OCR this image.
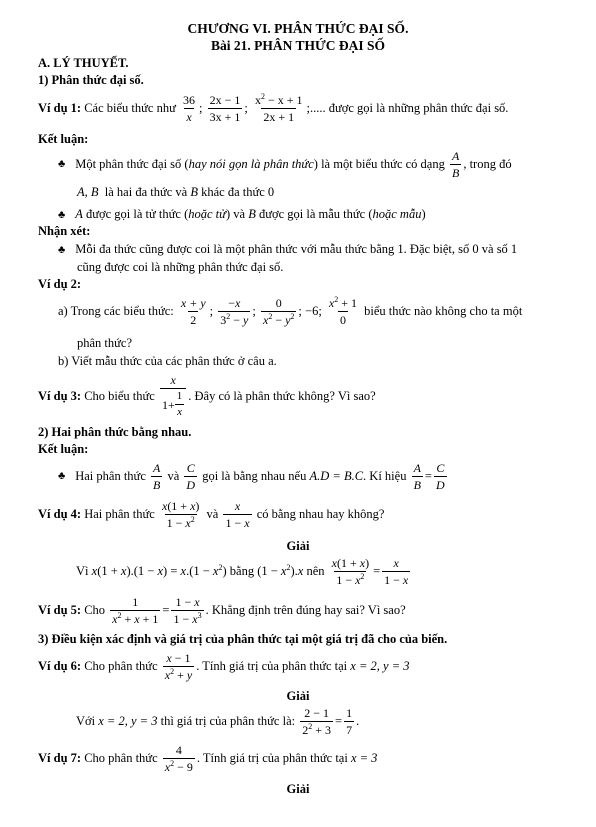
CHƯƠNG VI. PHÂN THỨC ĐẠI SỐ.
Bài 21. PHÂN THỨC ĐẠI SỐ
A. LÝ THUYẾT.
1) Phân thức đại số.
Ví dụ 1: Các biểu thức như $\frac{36}{x}$ ; $\frac{2x - 1}{3x + 1}$ ; $\frac{x^2 - x + 1}{2x + 1}$ ;..... được gọi là những phân thức đại số.
Kết luận:
♣ Một phân thức đại số (hay nói gọn là phân thức) là một biểu thức có dạng $\frac{A}{B}$ , trong đó
A, B là hai đa thức và B khác đa thức 0
♣ A được gọi là tử thức (hoặc tử) và B được gọi là mẫu thức (hoặc mẫu)
Nhận xét:
♣ Mỗi đa thức cũng được coi là một phân thức với mẫu thức bằng 1. Đặc biệt, số 0 và số 1
cũng được coi là những phân thức đại số.
Ví dụ 2:
a) Trong các biểu thức: $\frac{x + y}{2}$ ; $\frac{-x}{3^2 - y}$ ; $\frac{0}{x^2 - y^2}$ ; −6; $\frac{x^2 + 1}{0}$ biểu thức nào không cho ta một
phân thức?
b) Viết mẫu thức của các phân thức ở câu a.
Ví dụ 3: Cho biểu thức x
1+
1
x . Đây có là phân thức không? Vì sao?
2) Hai phân thức bằng nhau.
Kết luận:
♣ Hai phân thức $\frac{A}{B}$ và $\frac{C}{D}$ gọi là bằng nhau nếu A.D = B.C. Kí hiệu $\frac{A}{B} = \frac{C}{D}$
Ví dụ 4: Hai phân thức $\frac{x(1 + x)}{1 - x^2}$ và $\frac{x}{1 - x}$ có bằng nhau hay không?
Giải
Vì $x(1 + x).(1 - x) = x.(1 - x^2)$ bằng $(1 - x^2).x$ nên $\frac{x(1 + x)}{1 - x^2} = \frac{x}{1 - x}$
Ví dụ 5: Cho $\frac{1}{x^2 + x + 1} = \frac{1 - x}{1 - x^3}$ . Khẳng định trên đúng hay sai? Vì sao?
3) Điều kiện xác định và giá trị của phân thức tại một giá trị đã cho của biến.
Ví dụ 6: Cho phân thức $\frac{x - 1}{x^2 + y}$ . Tính giá trị của phân thức tại x = 2, y = 3
Giải
Với x = 2, y = 3 thì giá trị của phân thức là: $\frac{2 - 1}{2^2 + 3} = \frac{1}{7}$ .
Ví dụ 7: Cho phân thức $\frac{4}{x^2 - 9}$ . Tính giá trị của phân thức tại x = 3
Giải
